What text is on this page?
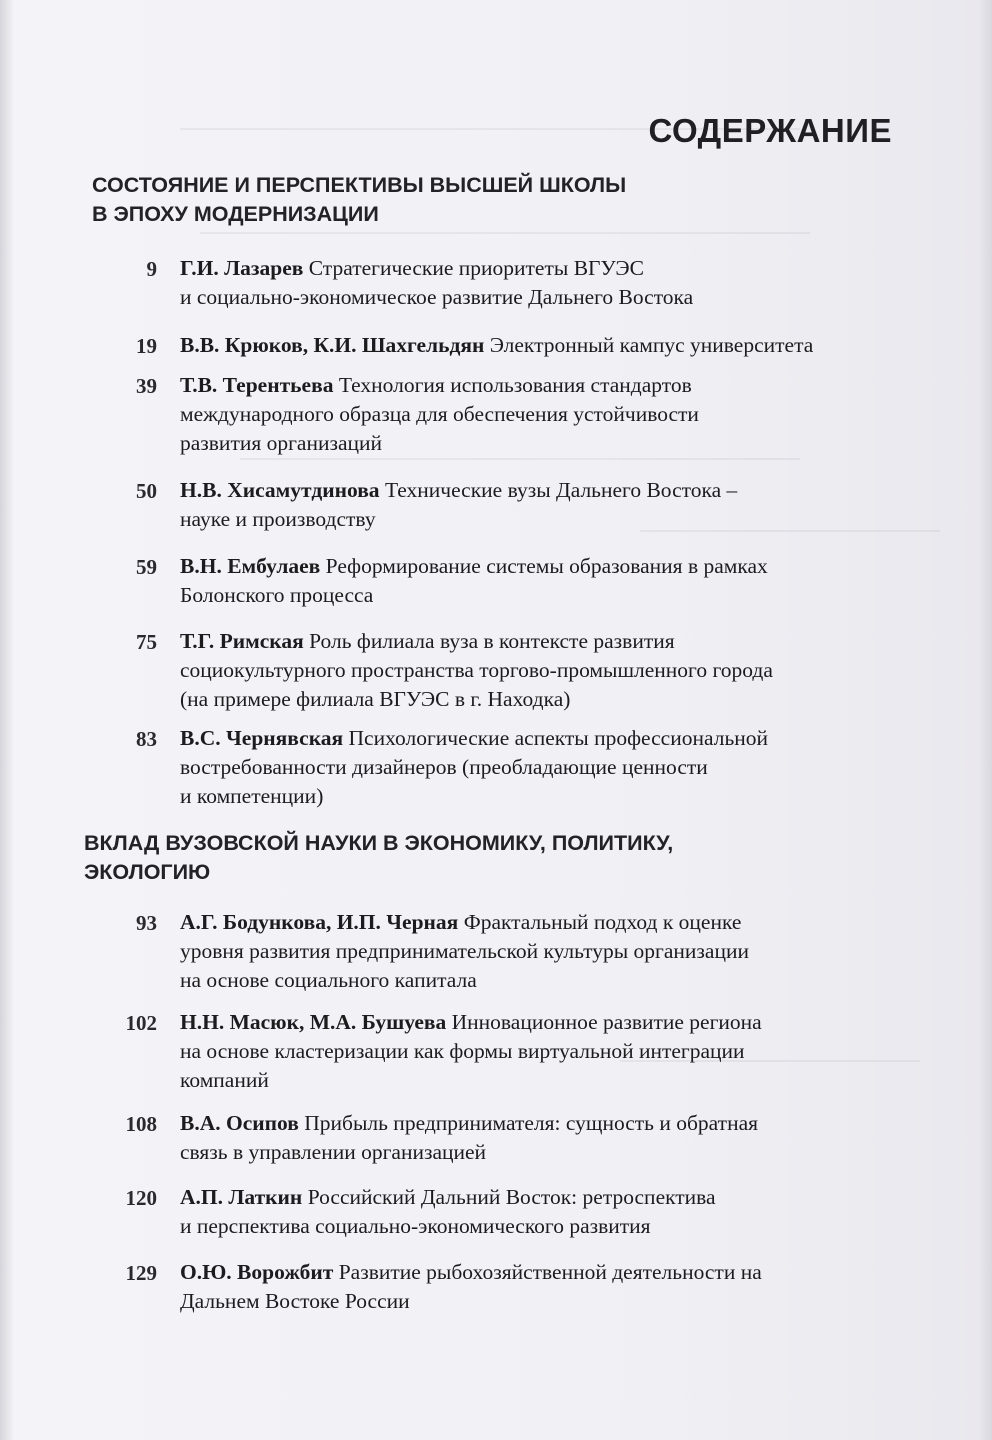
СОДЕРЖАНИЕ
СОСТОЯНИЕ И ПЕРСПЕКТИВЫ ВЫСШЕЙ ШКОЛЫ
В ЭПОХУ МОДЕРНИЗАЦИИ
9 Г.И. Лазарев Стратегические приоритеты ВГУЭС
и социально-экономическое развитие Дальнего Востока
19 В.В. Крюков, К.И. Шахгельдян Электронный кампус университета
39 Т.В. Терентьева Технология использования стандартов
международного образца для обеспечения устойчивости
развития организаций
50 Н.В. Хисамутдинова Технические вузы Дальнего Востока –
науке и производству
59 В.Н. Ембулаев Реформирование системы образования в рамках
Болонского процесса
75 Т.Г. Римская Роль филиала вуза в контексте развития
социокультурного пространства торгово-промышленного города
(на примере филиала ВГУЭС в г. Находка)
83 В.С. Чернявская Психологические аспекты профессиональной
востребованности дизайнеров (преобладающие ценности
и компетенции)
ВКЛАД ВУЗОВСКОЙ НАУКИ В ЭКОНОМИКУ, ПОЛИТИКУ,
ЭКОЛОГИЮ
93 А.Г. Бодункова, И.П. Черная Фрактальный подход к оценке
уровня развития предпринимательской культуры организации
на основе социального капитала
102 Н.Н. Масюк, М.А. Бушуева Инновационное развитие региона
на основе кластеризации как формы виртуальной интеграции
компаний
108 В.А. Осипов Прибыль предпринимателя: сущность и обратная
связь в управлении организацией
120 А.П. Латкин Российский Дальний Восток: ретроспектива
и перспектива социально-экономического развития
129 О.Ю. Ворожбит Развитие рыбохозяйственной деятельности на
Дальнем Востоке России
